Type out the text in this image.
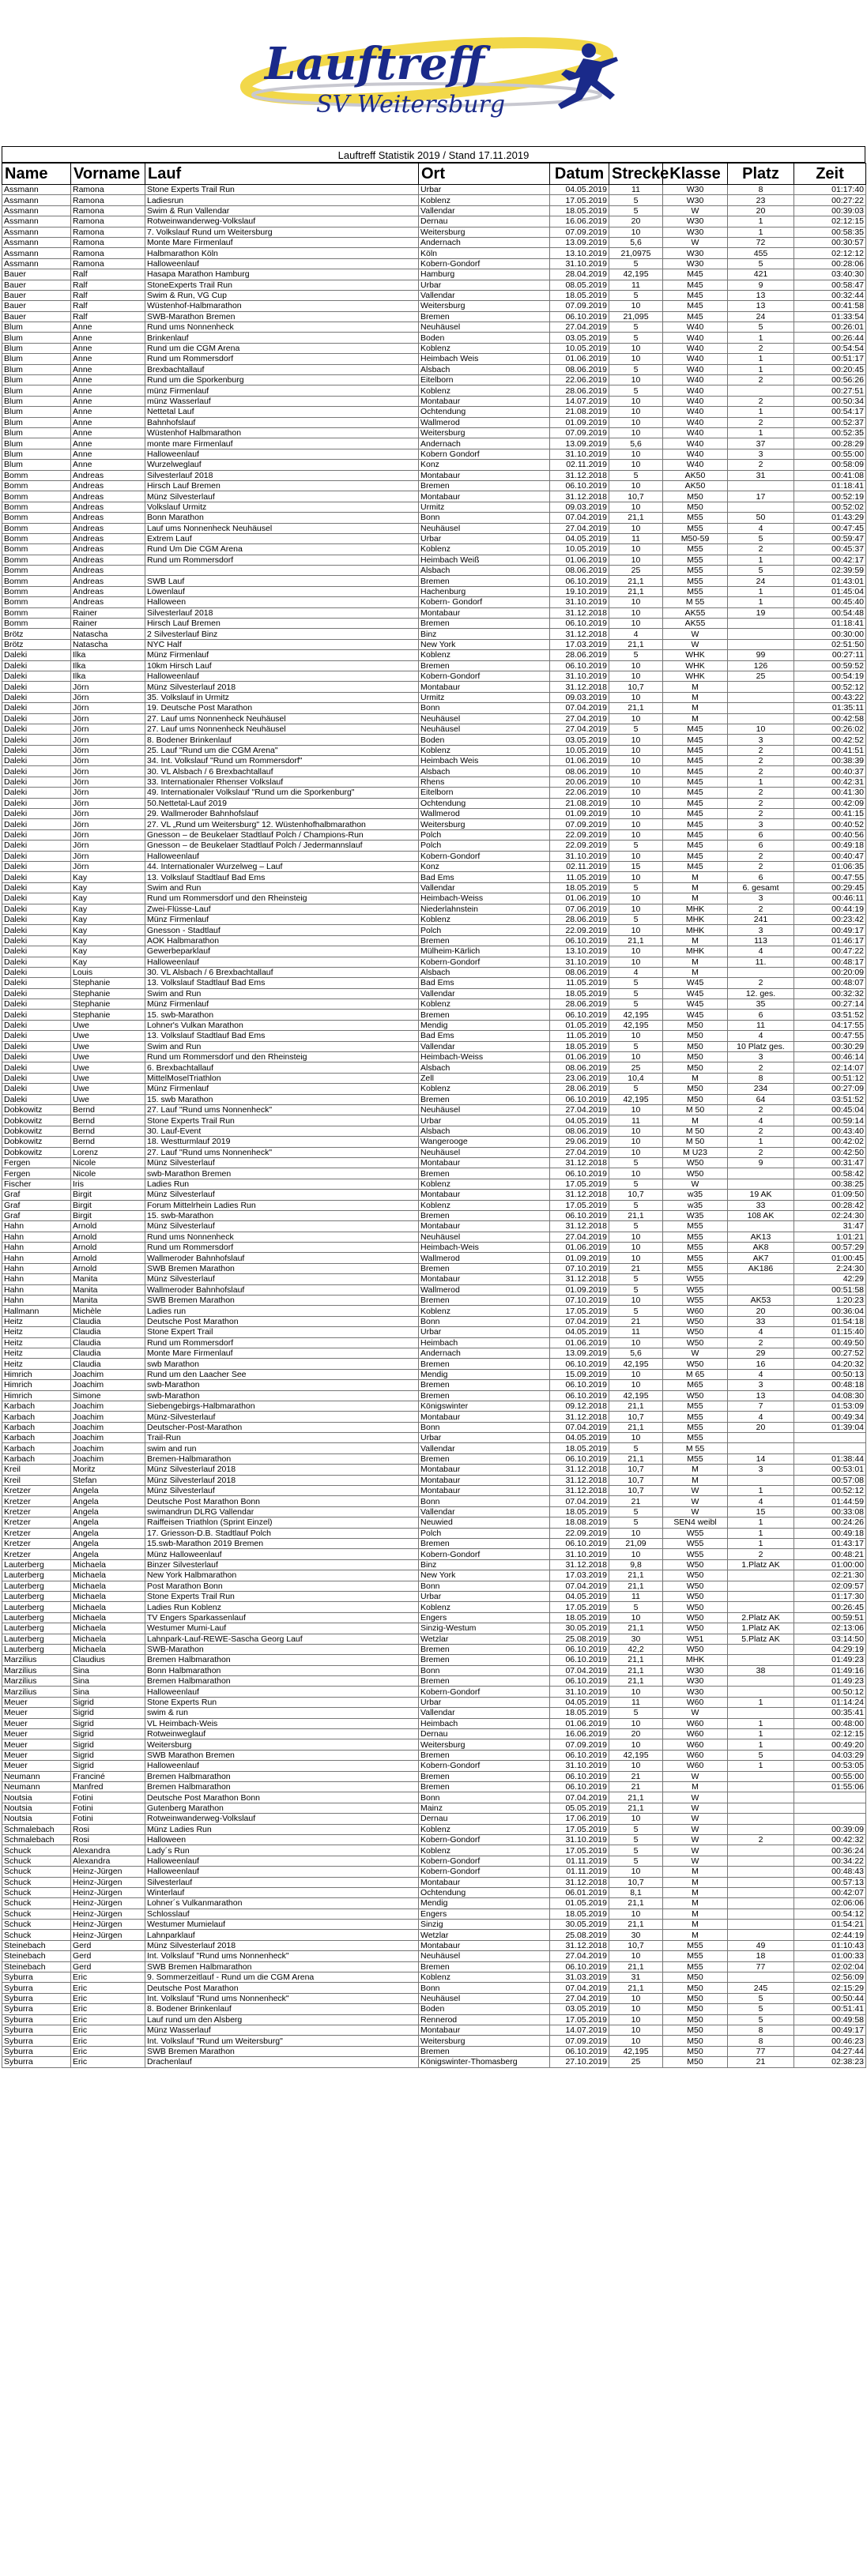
Lauftreff
SV Weitersburg
Lauftreff Statistik 2019 / Stand 17.11.2019
Name	Vorname	Lauf	Ort	Datum	Strecke	Klasse	Platz	Zeit
Assmann	Ramona	Stone Experts Trail Run	Urbar	04.05.2019	11	W30	8	01:17:40
Assmann	Ramona	Ladiesrun	Koblenz	17.05.2019	5	W30	23	00:27:22
Assmann	Ramona	Swim & Run Vallendar	Vallendar	18.05.2019	5	W	20	00:39:03
Assmann	Ramona	Rotweinwanderweg-Volkslauf	Dernau	16.06.2019	20	W30	1	02:12:15
Assmann	Ramona	7. Volkslauf Rund um Weitersburg	Weitersburg	07.09.2019	10	W30	1	00:58:35
Assmann	Ramona	Monte Mare Firmenlauf	Andernach	13.09.2019	5,6	W	72	00:30:57
Assmann	Ramona	Halbmarathon Köln	Köln	13.10.2019	21,0975	W30	455	02:12:12
Assmann	Ramona	Halloweenlauf	Kobern-Gondorf	31.10.2019	5	W30	5	00:28:06
Bauer	Ralf	Hasapa Marathon Hamburg	Hamburg	28.04.2019	42,195	M45	421	03:40:30
Bauer	Ralf	StoneExperts Trail Run	Urbar	08.05.2019	11	M45	9	00:58:47
Bauer	Ralf	Swim & Run, VG Cup	Vallendar	18.05.2019	5	M45	13	00:32:44
Bauer	Ralf	Wüstenhof-Halbmarathon	Weitersburg	07.09.2019	10	M45	13	00:41:58
Bauer	Ralf	SWB-Marathon Bremen	Bremen	06.10.2019	21,095	M45	24	01:33:54
Blum	Anne	Rund ums Nonnenheck	Neuhäusel	27.04.2019	5	W40	5	00:26:01
Blum	Anne	Brinkenlauf	Boden	03.05.2019	5	W40	1	00:26:44
Blum	Anne	Rund um die CGM Arena	Koblenz	10.05.2019	10	W40	2	00:54:54
Blum	Anne	Rund um Rommersdorf	Heimbach Weis	01.06.2019	10	W40	1	00:51:17
Blum	Anne	Brexbachtallauf	Alsbach	08.06.2019	5	W40	1	00:20:45
Blum	Anne	Rund um die Sporkenburg	Eitelborn	22.06.2019	10	W40	2	00:56:26
Blum	Anne	münz Firmenlauf	Koblenz	28.06.2019	5	W40		00:27:51
Blum	Anne	münz Wasserlauf	Montabaur	14.07.2019	10	W40	2	00:50:34
Blum	Anne	Nettetal Lauf	Ochtendung	21.08.2019	10	W40	1	00:54:17
Blum	Anne	Bahnhofslauf	Wallmerod	01.09.2019	10	W40	2	00:52:37
Blum	Anne	Wüstenhof Halbmarathon	Weitersburg	07.09.2019	10	W40	1	00:52:35
Blum	Anne	monte mare Firmenlauf	Andernach	13.09.2019	5,6	W40	37	00:28:29
Blum	Anne	Halloweenlauf	Kobern Gondorf	31.10.2019	10	W40	3	00:55:00
Blum	Anne	Wurzelweglauf	Konz	02.11.2019	10	W40	2	00:58:09
Bomm	Andreas	Silvesterlauf 2018	Montabaur	31.12.2018	5	AK50	31	00:41:08
Bomm	Andreas	Hirsch Lauf Bremen	Bremen	06.10.2019	10	AK50		01:18:41
Bomm	Andreas	Münz Silvesterlauf	Montabaur	31.12.2018	10,7	M50	17	00:52:19
Bomm	Andreas	Volkslauf Urmitz	Urmitz	09.03.2019	10	M50		00:52:02
Bomm	Andreas	Bonn Marathon	Bonn	07.04.2019	21,1	M55	50	01:43:29
Bomm	Andreas	Lauf ums Nonnenheck Neuhäusel	Neuhäusel	27.04.2019	10	M55	4	00:47:45
Bomm	Andreas	Extrem Lauf	Urbar	04.05.2019	11	M50-59	5	00:59:47
Bomm	Andreas	Rund Um Die CGM Arena	Koblenz	10.05.2019	10	M55	2	00:45:37
Bomm	Andreas	Rund um Rommersdorf	Heimbach Weiß	01.06.2019	10	M55	1	00:42:17
Bomm	Andreas		Alsbach	08.06.2019	25	M55	5	02:39:59
Bomm	Andreas	SWB Lauf	Bremen	06.10.2019	21,1	M55	24	01:43:01
Bomm	Andreas	Löwenlauf	Hachenburg	19.10.2019	21,1	M55	1	01:45:04
Bomm	Andreas	Halloween	Kobern- Gondorf	31.10.2019	10	M 55	1	00:45:40
Bomm	Rainer	Silvesterlauf 2018	Montabaur	31.12.2018	10	AK55	19	00:54:48
Bomm	Rainer	Hirsch Lauf Bremen	Bremen	06.10.2019	10	AK55		01:18:41
Brötz	Natascha	2 Silvesterlauf Binz	Binz	31.12.2018	4	W		00:30:00
Brötz	Natascha	NYC Half	New York	17.03.2019	21,1	W		02:51:50
Daleki	Ilka	Münz Firmenlauf	Koblenz	28.06.2019	5	WHK	99	00:27:11
Daleki	Ilka	10km Hirsch Lauf	Bremen	06.10.2019	10	WHK	126	00:59:52
Daleki	Ilka	Halloweenlauf	Kobern-Gondorf	31.10.2019	10	WHK	25	00:54:19
Daleki	Jörn	Münz Silvesterlauf 2018	Montabaur	31.12.2018	10,7	M		00:52:12
Daleki	Jörn	35. Volkslauf in Urmitz	Urmitz	09.03.2019	10	M		00:43:22
Daleki	Jörn	19. Deutsche Post Marathon	Bonn	07.04.2019	21,1	M		01:35:11
Daleki	Jörn	27. Lauf ums Nonnenheck Neuhäusel	Neuhäusel	27.04.2019	10	M		00:42:58
Daleki	Jörn	27. Lauf ums Nonnenheck Neuhäusel	Neuhäusel	27.04.2019	5	M45	10	00:26:02
Daleki	Jörn	8. Bodener Brinkenlauf	Boden	03.05.2019	10	M45	3	00:42:52
Daleki	Jörn	25. Lauf "Rund um die CGM Arena"	Koblenz	10.05.2019	10	M45	2	00:41:51
Daleki	Jörn	34. Int. Volkslauf "Rund um Rommersdorf"	Heimbach Weis	01.06.2019	10	M45	2	00:38:39
Daleki	Jörn	30. VL Alsbach / 6 Brexbachtallauf	Alsbach	08.06.2019	10	M45	2	00:40:37
Daleki	Jörn	33. Internationaler Rhenser Volkslauf	Rhens	20.06.2019	10	M45	1	00:42:31
Daleki	Jörn	49. Internationaler Volkslauf "Rund um die Sporkenburg"	Eitelborn	22.06.2019	10	M45	2	00:41:30
Daleki	Jörn	50.Nettetal-Lauf 2019	Ochtendung	21.08.2019	10	M45	2	00:42:09
Daleki	Jörn	29. Wallmeroder Bahnhofslauf	Wallmerod	01.09.2019	10	M45	2	00:41:15
Daleki	Jörn	27. VL „Rund um Weitersburg" 12. Wüstenhofhalbmarathon	Weitersburg	07.09.2019	10	M45	3	00:40:52
Daleki	Jörn	Gnesson – de Beukelaer Stadtlauf Polch / Champions-Run	Polch	22.09.2019	10	M45	6	00:40:56
Daleki	Jörn	Gnesson – de Beukelaer Stadtlauf Polch / Jedermannslauf	Polch	22.09.2019	5	M45	6	00:49:18
Daleki	Jörn	Halloweenlauf	Kobern-Gondorf	31.10.2019	10	M45	2	00:40:47
Daleki	Jörn	44. Internationaler Wurzelweg – Lauf	Konz	02.11.2019	15	M45	2	01:06:35
Daleki	Kay	13. Volkslauf Stadtlauf Bad Ems	Bad Ems	11.05.2019	10	M	6	00:47:55
Daleki	Kay	Swim and Run	Vallendar	18.05.2019	5	M	6. gesamt	00:29:45
Daleki	Kay	Rund um Rommersdorf und den Rheinsteig	Heimbach-Weiss	01.06.2019	10	M	3	00:46:11
Daleki	Kay	Zwei-Flüsse-Lauf	Niederlahnstein	07.06.2019	10	MHK	2	00:44:19
Daleki	Kay	Münz Firmenlauf	Koblenz	28.06.2019	5	MHK	241	00:23:42
Daleki	Kay	Gnesson - Stadtlauf	Polch	22.09.2019	10	MHK	3	00:49:17
Daleki	Kay	AOK Halbmarathon	Bremen	06.10.2019	21,1	M	113	01:46:17
Daleki	Kay	Gewerbeparklauf	Mülheim-Kärlich	13.10.2019	10	MHK	4	00:47:22
Daleki	Kay	Halloweenlauf	Kobern-Gondorf	31.10.2019	10	M	11.	00:48:17
Daleki	Louis	30. VL Alsbach / 6 Brexbachtallauf	Alsbach	08.06.2019	4	M		00:20:09
Daleki	Stephanie	13. Volkslauf Stadtlauf Bad Ems	Bad Ems	11.05.2019	5	W45	2	00:48:07
Daleki	Stephanie	Swim and Run	Vallendar	18.05.2019	5	W45	12. ges.	00:32:32
Daleki	Stephanie	Münz Firmenlauf	Koblenz	28.06.2019	5	W45	35	00:27:14
Daleki	Stephanie	15. swb-Marathon	Bremen	06.10.2019	42,195	W45	6	03:51:52
Daleki	Uwe	Lohner's Vulkan Marathon	Mendig	01.05.2019	42,195	M50	11	04:17:55
Daleki	Uwe	13. Volkslauf Stadtlauf Bad Ems	Bad Ems	11.05.2019	10	M50	4	00:47:55
Daleki	Uwe	Swim and Run	Vallendar	18.05.2019	5	M50	10 Platz ges.	00:30:29
Daleki	Uwe	Rund um Rommersdorf und den Rheinsteig	Heimbach-Weiss	01.06.2019	10	M50	3	00:46:14
Daleki	Uwe	6. Brexbachtallauf	Alsbach	08.06.2019	25	M50	2	02:14:07
Daleki	Uwe	MittelMoselTriathlon	Zell	23.06.2019	10,4	M	8	00:51:12
Daleki	Uwe	Münz Firmenlauf	Koblenz	28.06.2019	5	M50	234	00:27:09
Daleki	Uwe	15. swb Marathon	Bremen	06.10.2019	42,195	M50	64	03:51:52
Dobkowitz	Bernd	27. Lauf "Rund ums Nonnenheck"	Neuhäusel	27.04.2019	10	M 50	2	00:45:04
Dobkowitz	Bernd	Stone Experts Trail Run	Urbar	04.05.2019	11	M	4	00:59:14
Dobkowitz	Bernd	30. Lauf-Event	Alsbach	08.06.2019	10	M 50	2	00:43:40
Dobkowitz	Bernd	18. Westturmlauf 2019	Wangerooge	29.06.2019	10	M 50	1	00:42:02
Dobkowitz	Lorenz	27. Lauf "Rund ums Nonnenheck"	Neuhäusel	27.04.2019	10	M U23	2	00:42:50
Fergen	Nicole	Münz Silvesterlauf	Montabaur	31.12.2018	5	W50	9	00:31:47
Fergen	Nicole	swb-Marathon Bremen	Bremen	06.10.2019	10	W50		00:58:42
Fischer	Iris	Ladies Run	Koblenz	17.05.2019	5	W		00:38:25
Graf	Birgit	Münz Silvesterlauf	Montabaur	31.12.2018	10,7	w35	19 AK	01:09:50
Graf	Birgit	Forum Mittelrhein Ladies Run	Koblenz	17.05.2019	5	w35	33	00:28:42
Graf	Birgit	15. swb-Marathon	Bremen	06.10.2019	21,1	W35	108 AK	02:24:30
Hahn	Arnold	Münz Silvesterlauf	Montabaur	31.12.2018	5	M55		31:47
Hahn	Arnold	Rund ums Nonnenheck	Neuhäusel	27.04.2019	10	M55	AK13	1:01:21
Hahn	Arnold	Rund um Rommersdorf	Heimbach-Weis	01.06.2019	10	M55	AK8	00:57:29
Hahn	Arnold	Wallmeroder Bahnhofslauf	Wallmerod	01.09.2019	10	M55	AK7	01:00:45
Hahn	Arnold	SWB Bremen Marathon	Bremen	07.10.2019	21	M55	AK186	2:24:30
Hahn	Manita	Münz Silvesterlauf	Montabaur	31.12.2018	5	W55		42:29
Hahn	Manita	Wallmeroder Bahnhofslauf	Wallmerod	01.09.2019	5	W55		00:51:58
Hahn	Manita	SWB Bremen Marathon	Bremen	07.10.2019	10	W55	AK53	1:20:23
Hallmann	Michèle	Ladies run	Koblenz	17.05.2019	5	W60	20	00:36:04
Heitz	Claudia	Deutsche Post Marathon	Bonn	07.04.2019	21	W50	33	01:54:18
Heitz	Claudia	Stone Expert Trail	Urbar	04.05.2019	11	W50	4	01:15:40
Heitz	Claudia	Rund um Rommersdorf	Heimbach	01.06.2019	10	W50	2	00:49:50
Heitz	Claudia	Monte Mare Firmenlauf	Andernach	13.09.2019	5,6	W	29	00:27:52
Heitz	Claudia	swb Marathon	Bremen	06.10.2019	42,195	W50	16	04:20:32
Himrich	Joachim	Rund um den Laacher See	Mendig	15.09.2019	10	M 65	4	00:50:13
Himrich	Joachim	swb-Marathon	Bremen	06.10.2019	10	M65	3	00:48:18
Himrich	Simone	swb-Marathon	Bremen	06.10.2019	42,195	W50	13	04:08:30
Karbach	Joachim	Siebengebirgs-Halbmarathon	Königswinter	09.12.2018	21,1	M55	7	01:53:09
Karbach	Joachim	Münz-Silvesterlauf	Montabaur	31.12.2018	10,7	M55	4	00:49:34
Karbach	Joachim	Deutscher-Post-Marathon	Bonn	07.04.2019	21,1	M55	20	01:39:04
Karbach	Joachim	Trail-Run	Urbar	04.05.2019	10	M55		
Karbach	Joachim	swim and run	Vallendar	18.05.2019	5	M 55		
Karbach	Joachim	Bremen-Halbmarathon	Bremen	06.10.2019	21,1	M55	14	01:38:44
Kreil	Moritz	Münz Silvesterlauf 2018	Montabaur	31.12.2018	10,7	M	3	00:53:01
Kreil	Stefan	Münz Silvesterlauf 2018	Montabaur	31.12.2018	10,7	M		00:57:08
Kretzer	Angela	Münz Silvesterlauf	Montabaur	31.12.2018	10,7	W	1	00:52:12
Kretzer	Angela	Deutsche Post Marathon Bonn	Bonn	07.04.2019	21	W	4	01:44:59
Kretzer	Angela	swimandrun DLRG Vallendar	Vallendar	18.05.2019	5	W	15	00:33:08
Kretzer	Angela	Raiffeisen Triathlon (Sprint Einzel)	Neuwied	18.08.2019	5	SEN4 weibl	1	00:24:26
Kretzer	Angela	17. Griesson-D.B. Stadtlauf Polch	Polch	22.09.2019	10	W55	1	00:49:18
Kretzer	Angela	15.swb-Marathon 2019 Bremen	Bremen	06.10.2019	21,09	W55	1	01:43:17
Kretzer	Angela	Münz Halloweenlauf	Kobern-Gondorf	31.10.2019	10	W55	2	00:48:21
Lauterberg	Michaela	Binzer Silvesterlauf	Binz	31.12.2018	9,8	W50	1.Platz AK	01:00:00
Lauterberg	Michaela	New York Halbmarathon	New York	17.03.2019	21,1	W50		02:21:30
Lauterberg	Michaela	Post Marathon Bonn	Bonn	07.04.2019	21,1	W50		02:09:57
Lauterberg	Michaela	Stone Experts Trail Run	Urbar	04.05.2019	11	W50		01:17:30
Lauterberg	Michaela	Ladies Run Koblenz	Koblenz	17.05.2019	5	W50		00:26:45
Lauterberg	Michaela	TV Engers Sparkassenlauf	Engers	18.05.2019	10	W50	2.Platz AK	00:59:51
Lauterberg	Michaela	Westumer Mumi-Lauf	Sinzig-Westum	30.05.2019	21,1	W50	1.Platz AK	02:13:06
Lauterberg	Michaela	Lahnpark-Lauf-REWE-Sascha Georg Lauf	Wetzlar	25.08.2019	30	W51	5.Platz AK	03:14:50
Lauterberg	Michaela	SWB-Marathon	Bremen	06.10.2019	42,2	W50		04:29:19
Marzilius	Claudius	Bremen Halbmarathon	Bremen	06.10.2019	21,1	MHK		01:49:23
Marzilius	Sina	Bonn Halbmarathon	Bonn	07.04.2019	21,1	W30	38	01:49:16
Marzilius	Sina	Bremen Halbmarathon	Bremen	06.10.2019	21,1	W30		01:49:23
Marzilius	Sina	Halloweenlauf	Kobern-Gondorf	31.10.2019	10	W30		00:50:12
Meuer	Sigrid	Stone Experts Run	Urbar	04.05.2019	11	W60	1	01:14:24
Meuer	Sigrid	swim & run	Vallendar	18.05.2019	5	W		00:35:41
Meuer	Sigrid	VL Heimbach-Weis	Heimbach	01.06.2019	10	W60	1	00:48:00
Meuer	Sigrid	Rotweinweglauf	Dernau	16.06.2019	20	W60	1	02:12:15
Meuer	Sigrid	Weitersburg	Weitersburg	07.09.2019	10	W60	1	00:49:20
Meuer	Sigrid	SWB Marathon Bremen	Bremen	06.10.2019	42,195	W60	5	04:03:29
Meuer	Sigrid	Halloweenlauf	Kobern-Gondorf	31.10.2019	10	W60	1	00:53:05
Neumann	Franciné	Bremen Halbmarathon	Bremen	06.10.2019	21	W		00:55:00
Neumann	Manfred	Bremen Halbmarathon	Bremen	06.10.2019	21	M		01:55:06
Noutsia	Fotini	Deutsche Post Marathon Bonn	Bonn	07.04.2019	21,1	W		
Noutsia	Fotini	Gutenberg Marathon	Mainz	05.05.2019	21,1	W		
Noutsia	Fotini	Rotweinwanderweg-Volkslauf	Dernau	17.06.2019	10	W		
Schmalebach	Rosi	Münz Ladies Run	Koblenz	17.05.2019	5	W		00:39:09
Schmalebach	Rosi	Halloween	Kobern-Gondorf	31.10.2019	5	W	2	00:42:32
Schuck	Alexandra	Lady´s Run	Koblenz	17.05.2019	5	W		00:36:24
Schuck	Alexandra	Halloweenlauf	Kobern-Gondorf	01.11.2019	5	W		00:34:22
Schuck	Heinz-Jürgen	Halloweenlauf	Kobern-Gondorf	01.11.2019	10	M		00:48:43
Schuck	Heinz-Jürgen	Silvesterlauf	Montabaur	31.12.2018	10,7	M		00:57:13
Schuck	Heinz-Jürgen	Winterlauf	Ochtendung	06.01.2019	8,1	M		00:42:07
Schuck	Heinz-Jürgen	Lohner´s Vulkanmarathon	Mendig	01.05.2019	21,1	M		02:06:06
Schuck	Heinz-Jürgen	Schlosslauf	Engers	18.05.2019	10	M		00:54:12
Schuck	Heinz-Jürgen	Westumer Mumielauf	Sinzig	30.05.2019	21,1	M		01:54:21
Schuck	Heinz-Jürgen	Lahnparklauf	Wetzlar	25.08.2019	30	M		02:44:19
Steinebach	Gerd	Münz Silvesterlauf 2018	Montabaur	31.12.2018	10,7	M55	49	01:10:43
Steinebach	Gerd	Int. Volkslauf "Rund ums Nonnenheck"	Neuhäusel	27.04.2019	10	M55	18	01:00:33
Steinebach	Gerd	SWB Bremen Halbmarathon	Bremen	06.10.2019	21,1	M55	77	02:02:04
Syburra	Eric	9. Sommerzeitlauf - Rund um die CGM Arena	Koblenz	31.03.2019	31	M50		02:56:09
Syburra	Eric	Deutsche Post Marathon	Bonn	07.04.2019	21,1	M50	245	02:15:29
Syburra	Eric	Int. Volkslauf "Rund ums Nonnenheck"	Neuhäusel	27.04.2019	10	M50	5	00:50:44
Syburra	Eric	8. Bodener Brinkenlauf	Boden	03.05.2019	10	M50	5	00:51:41
Syburra	Eric	Lauf rund um den Alsberg	Rennerod	17.05.2019	10	M50	5	00:49:58
Syburra	Eric	Münz Wasserlauf	Montabaur	14.07.2019	10	M50	8	00:49:17
Syburra	Eric	Int. Volkslauf "Rund um Weitersburg"	Weitersburg	07.09.2019	10	M50	8	00:46:23
Syburra	Eric	SWB Bremen Marathon	Bremen	06.10.2019	42,195	M50	77	04:27:44
Syburra	Eric	Drachenlauf	Königswinter-Thomasberg	27.10.2019	25	M50	21	02:38:23
